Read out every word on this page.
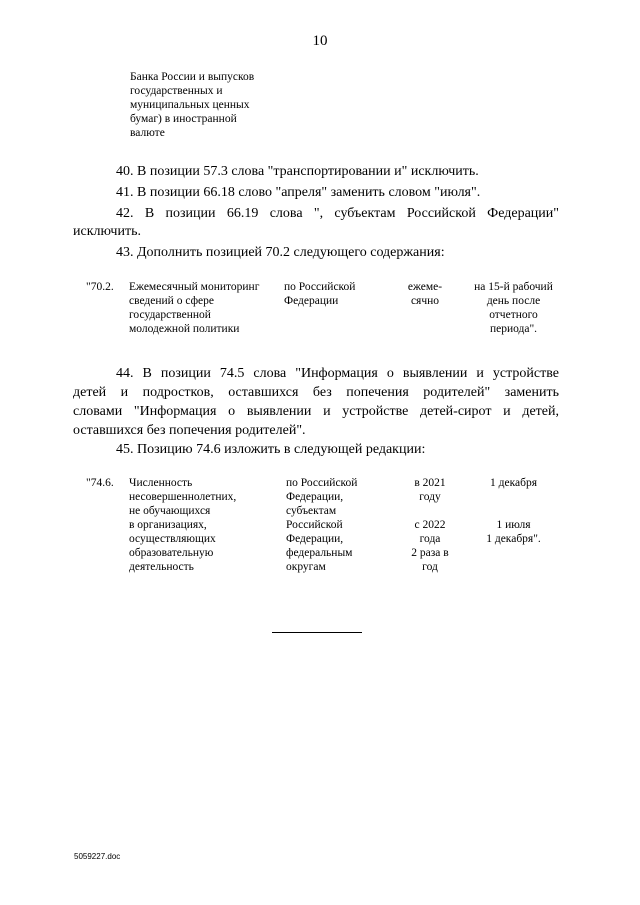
10
Банка России и выпусков
государственных и
муниципальных ценных
бумаг) в иностранной
валюте
40. В позиции 57.3 слова "транспортировании и" исключить.
41. В позиции 66.18 слово "апреля" заменить словом "июля".
42. В позиции 66.19 слова ", субъектам Российской Федерации"
исключить.
43. Дополнить позицией 70.2 следующего содержания:
"70.2. Ежемесячный мониторинг
сведений о сфере
государственной
молодежной политики
по Российской
Федерации
ежеме-
сячно
на 15-й рабочий
день после
отчетного
периода".
44. В позиции 74.5 слова "Информация о выявлении и устройстве
детей и подростков, оставшихся без попечения родителей" заменить
словами "Информация о выявлении и устройстве детей-сирот и детей,
оставшихся без попечения родителей".
45. Позицию 74.6 изложить в следующей редакции:
"74.6. Численность
несовершеннолетних,
не обучающихся
в организациях,
осуществляющих
образовательную
деятельность
по Российской
Федерации,
субъектам
Российской
Федерации,
федеральным
округам
в 2021
году
с 2022
года
2 раза в
год
1 декабря
1 июля
1 декабря".
5059227.doc
